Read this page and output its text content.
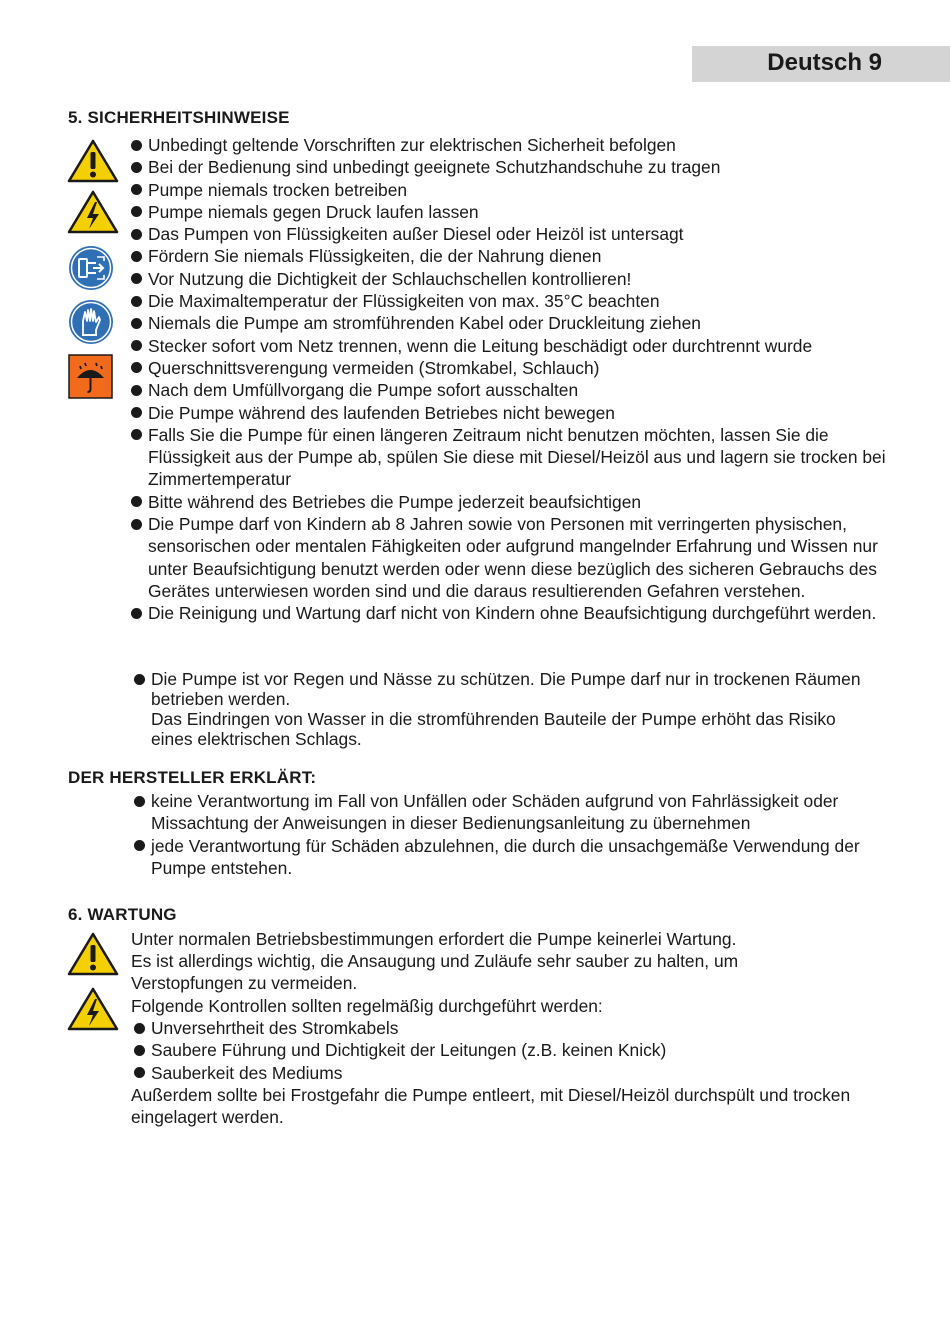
Deutsch 9
5. SICHERHEITSHINWEISE
Unbedingt geltende Vorschriften zur elektrischen Sicherheit befolgen
Bei der Bedienung sind unbedingt geeignete Schutzhandschuhe zu tragen
Pumpe niemals trocken betreiben
Pumpe niemals gegen Druck laufen lassen
Das Pumpen von Flüssigkeiten außer Diesel oder Heizöl ist untersagt
Fördern Sie niemals Flüssigkeiten, die der Nahrung dienen
Vor Nutzung die Dichtigkeit der Schlauchschellen kontrollieren!
Die Maximaltemperatur der Flüssigkeiten von max. 35°C beachten
Niemals die Pumpe am stromführenden Kabel oder Druckleitung ziehen
Stecker sofort vom Netz trennen, wenn die Leitung beschädigt oder durchtrennt wurde
Querschnittsverengung vermeiden (Stromkabel, Schlauch)
Nach dem Umfüllvorgang die Pumpe sofort ausschalten
Die Pumpe während des laufenden Betriebes nicht bewegen
Falls Sie die Pumpe für einen längeren Zeitraum nicht benutzen möchten, lassen Sie die Flüssigkeit aus der Pumpe ab, spülen Sie diese mit Diesel/Heizöl aus und lagern sie trocken bei Zimmertemperatur
Bitte während des Betriebes die Pumpe jederzeit beaufsichtigen
Die Pumpe darf von Kindern ab 8 Jahren sowie von Personen mit verringerten physischen, sensorischen oder mentalen Fähigkeiten oder aufgrund mangelnder Erfahrung und Wissen nur unter Beaufsichtigung benutzt werden oder wenn diese bezüglich des sicheren Gebrauchs des Gerätes unterwiesen worden sind und die daraus resultierenden Gefahren verstehen.
Die Reinigung und Wartung darf nicht von Kindern ohne Beaufsichtigung durchgeführt werden.
Die Pumpe ist vor Regen und Nässe zu schützen. Die Pumpe darf nur in trockenen Räumen betrieben werden.
Das Eindringen von Wasser in die stromführenden Bauteile der Pumpe erhöht das Risiko eines elektrischen Schlags.
DER HERSTELLER ERKLÄRT:
keine Verantwortung im Fall von Unfällen oder Schäden aufgrund von Fahrlässigkeit oder Missachtung der Anweisungen in dieser Bedienungsanleitung zu übernehmen
jede Verantwortung für Schäden abzulehnen, die durch die unsachgemäße Verwendung der Pumpe entstehen.
6. WARTUNG
Unter normalen Betriebsbestimmungen erfordert die Pumpe keinerlei Wartung.
Es ist allerdings wichtig, die Ansaugung und Zuläufe sehr sauber zu halten, um Verstopfungen zu vermeiden.
Folgende Kontrollen sollten regelmäßig durchgeführt werden:
Unversehrtheit des Stromkabels
Saubere Führung und Dichtigkeit der Leitungen (z.B. keinen Knick)
Sauberkeit des Mediums
Außerdem sollte bei Frostgefahr die Pumpe entleert, mit Diesel/Heizöl durchspült und trocken eingelagert werden.
